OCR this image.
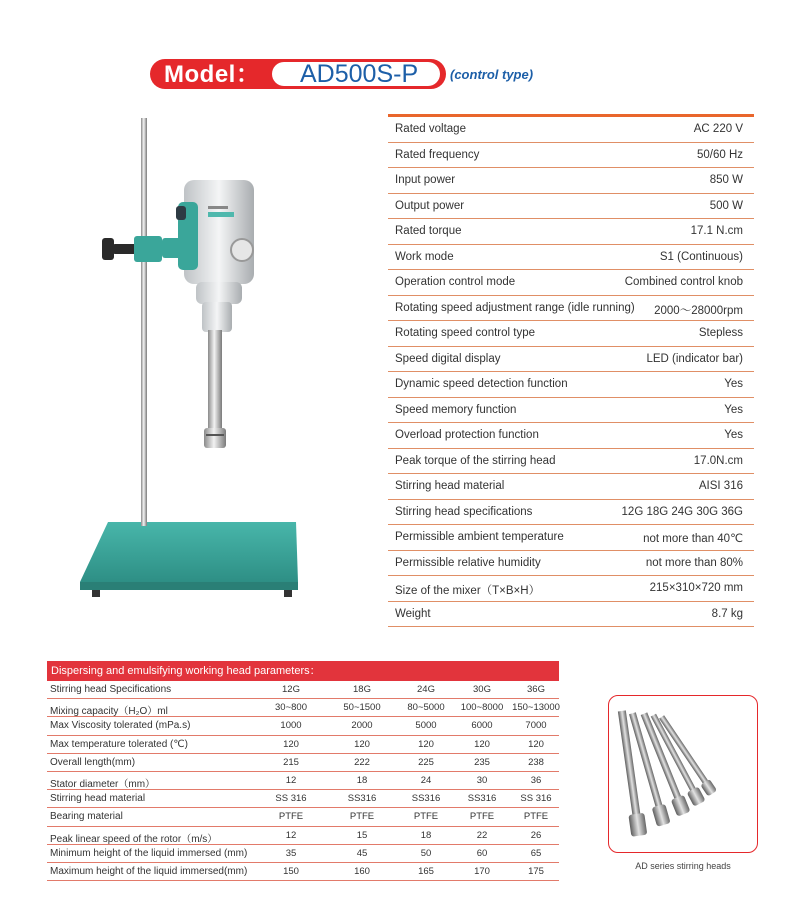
Model： AD500S-P (control type)
Rated voltage	AC 220 V
Rated frequency	50/60 Hz
Input power	850 W
Output power	500 W
Rated torque	17.1 N.cm
Work mode	S1 (Continuous)
Operation control mode	Combined control knob
Rotating speed adjustment range (idle running) 2000～28000rpm
Rotating speed control type	Stepless
Speed digital display	LED (indicator bar)
Dynamic speed detection function	Yes
Speed memory function	Yes
Overload protection function	Yes
Peak torque of the stirring head	17.0N.cm
Stirring head material	AISI 316
Stirring head specifications	12G 18G 24G 30G 36G
Permissible ambient temperature	not more than 40℃
Permissible relative humidity	not more than 80%
Size of the mixer（T×B×H）	215×310×720 mm
Weight	8.7 kg
Dispersing and emulsifying working head parameters：
Stirring head Specifications	12G	18G	24G	30G	36G
Mixing capacity（H₂O）ml	30~800	50~1500	80~5000	100~8000 150~13000
Max Viscosity tolerated (mPa.s)	1000	2000	5000	6000	7000
Max temperature tolerated (℃)	120	120	120	120	120
Overall length(mm)	215	222	225	235	238
Stator diameter（mm）	12	18	24	30	36
Stirring head material	SS 316	SS316	SS316	SS316	SS 316
Bearing material	PTFE	PTFE	PTFE	PTFE	PTFE
Peak linear speed of the rotor（m/s）	12	15	18	22	26
Minimum height of the liquid immersed (mm)	35	45	50	60	65
Maximum height of the liquid immersed(mm)	150	160	165	170	175	AD series stirring heads
